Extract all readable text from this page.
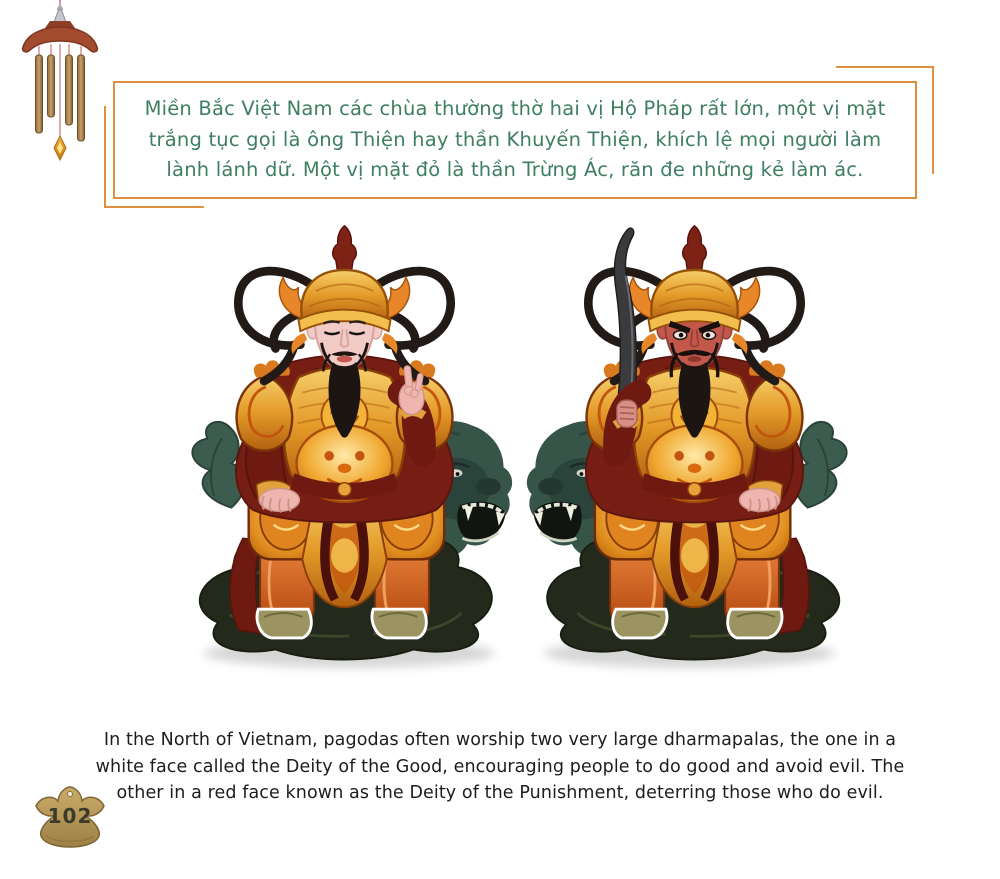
Miền Bắc Việt Nam các chùa thường thờ hai vị Hộ Pháp rất lớn, một vị mặt
trắng tục gọi là ông Thiện hay thần Khuyến Thiện, khích lệ mọi người làm
lành lánh dữ. Một vị mặt đỏ là thần Trừng Ác, răn đe những kẻ làm ác.
In the North of Vietnam, pagodas often worship two very large dharmapalas, the one in a
white face called the Deity of the Good, encouraging people to do good and avoid evil. The
other in a red face known as the Deity of the Punishment, deterring those who do evil.
102
